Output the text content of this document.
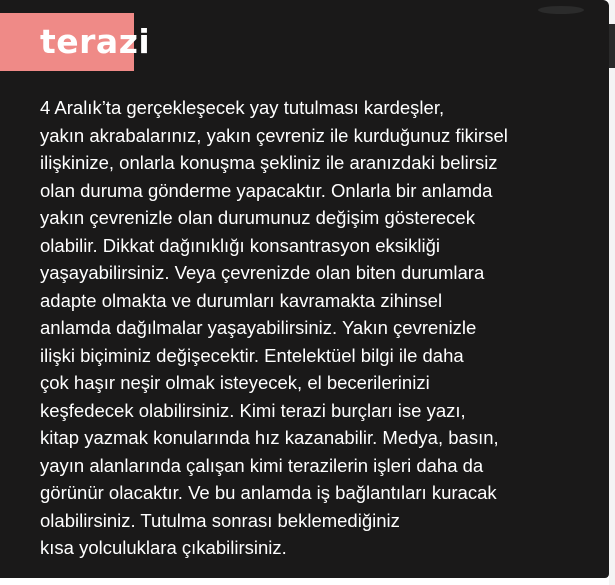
terazi
4 Aralık’ta gerçekleşecek yay tutulması kardeşler,
yakın akrabalarınız, yakın çevreniz ile kurduğunuz fikirsel
ilişkinize, onlarla konuşma şekliniz ile aranızdaki belirsiz
olan duruma gönderme yapacaktır. Onlarla bir anlamda
yakın çevrenizle olan durumunuz değişim gösterecek
olabilir. Dikkat dağınıklığı konsantrasyon eksikliği
yaşayabilirsiniz. Veya çevrenizde olan biten durumlara
adapte olmakta ve durumları kavramakta zihinsel
anlamda dağılmalar yaşayabilirsiniz. Yakın çevrenizle
ilişki biçiminiz değişecektir. Entelektüel bilgi ile daha
çok haşır neşir olmak isteyecek, el becerilerinizi
keşfedecek olabilirsiniz. Kimi terazi burçları ise yazı,
kitap yazmak konularında hız kazanabilir. Medya, basın,
yayın alanlarında çalışan kimi terazilerin işleri daha da
görünür olacaktır. Ve bu anlamda iş bağlantıları kuracak
olabilirsiniz. Tutulma sonrası beklemediğiniz
kısa yolculuklara çıkabilirsiniz.
